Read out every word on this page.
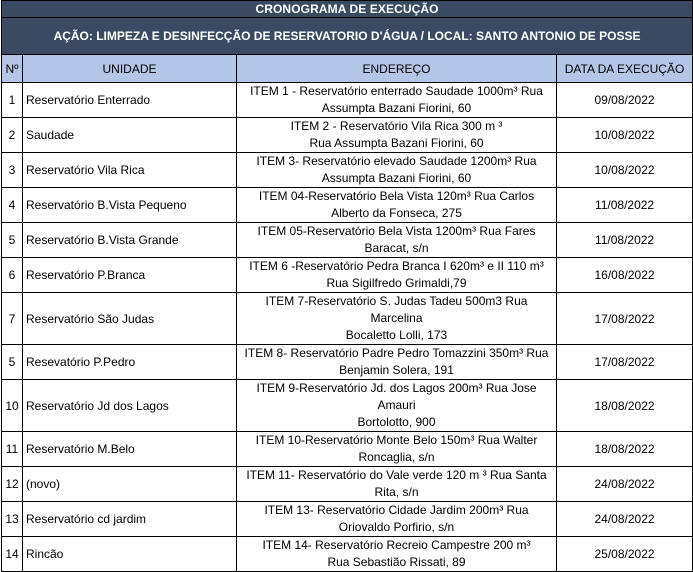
CRONOGRAMA DE EXECUÇÃO			
AÇÃO: LIMPEZA E DESINFECÇÃO DE RESERVATORIO D'ÁGUA / LOCAL: SANTO ANTONIO DE POSSE			
Nº	UNIDADE	ENDEREÇO	DATA DA EXECUÇÃO
1	Reservatório Enterrado	ITEM 1 - Reservatório enterrado Saudade 1000m³ Rua
Assumpta Bazani Fiorini, 60	09/08/2022
2	Saudade	ITEM 2 - Reservatório Vila Rica 300 m ³
Rua Assumpta Bazani Fiorini, 60	10/08/2022
3	Reservatório Vila Rica	ITEM 3- Reservatório elevado Saudade 1200m³ Rua
Assumpta Bazani Fiorini, 60	10/08/2022
4	Reservatório B.Vista Pequeno	ITEM 04-Reservatório Bela Vista 120m³ Rua Carlos
Alberto da Fonseca, 275	11/08/2022
5	Reservatório B.Vista Grande	ITEM 05-Reservatório Bela Vista 1200m³ Rua Fares
Baracat, s/n	11/08/2022
6	Reservatório P.Branca	ITEM 6 -Reservatório Pedra Branca I 620m³ e II 110 m³
Rua Sigilfredo Grimaldi,79	16/08/2022
7	Reservatório São Judas	ITEM 7-Reservatório S. Judas Tadeu 500m3 Rua Marcelina
Bocaletto Lolli, 173	17/08/2022
5	Resevatório P.Pedro	ITEM 8- Reservatório Padre Pedro Tomazzini 350m³ Rua
Benjamin Solera, 191	17/08/2022
10	Reservatório Jd dos Lagos	ITEM 9-Reservatório Jd. dos Lagos 200m³ Rua Jose Amauri
Bortolotto, 900	18/08/2022
11	Reservatório M.Belo	ITEM 10-Reservatório Monte Belo 150m³ Rua Walter
Roncaglia, s/n	18/08/2022
12	(novo)	ITEM 11- Reservatório do Vale verde 120 m ³ Rua Santa
Rita, s/n	24/08/2022
13	Reservatório cd jardim	ITEM 13- Reservatório Cidade Jardim 200m³ Rua
Oriovaldo Porfirio, s/n	24/08/2022
14	Rincão	ITEM 14- Reservatório Recreio Campestre 200 m³
Rua Sebastião Rissati, 89	25/08/2022
